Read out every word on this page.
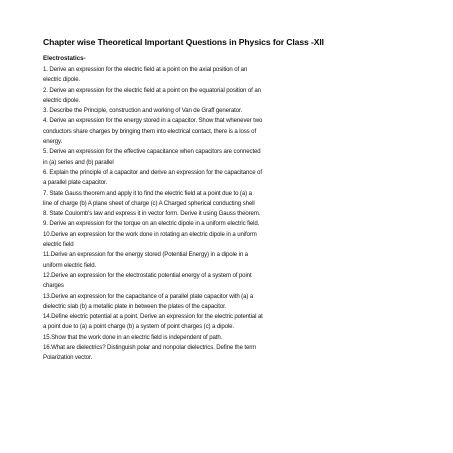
Chapter wise Theoretical Important Questions in Physics for Class -XII
Electrostatics-
1. Derive an expression for the electric field at a point on the axial position of an
electric dipole.
2. Derive an expression for the electric field at a point on the equatorial position of an
electric dipole.
3. Describe the Principle, construction and working of Van de Graff generator.
4. Derive an expression for the energy stored in a capacitor. Show that whenever two
conductors share charges by bringing them into electrical contact, there is a loss of
energy.
5. Derive an expression for the effective capacitance when capacitors are connected
in (a) series and (b) parallel
6. Explain the principle of a capacitor and derive an expression for the capacitance of
a parallel plate capacitor.
7. State Gauss theorem and apply it to find the electric field at a point due to (a) a
line of charge (b) A plane sheet of charge (c) A Charged spherical conducting shell
8. State Coulomb's law and express it in vector form. Derive it using Gauss theorem.
9. Derive an expression for the torque on an electric dipole in a uniform electric field.
10.Derive an expression for the work done in rotating an electric dipole in a uniform
electric field
11.Derive an expression for the energy stored (Potential Energy) in a dipole in a
uniform electric field.
12.Derive an expression for the electrostatic potential energy of a system of point
charges
13.Derive an expression for the capacitance of a parallel plate capacitor with (a) a
dielectric slab (b) a metallic plate in between the plates of the capacitor.
14.Define electric potential at a point. Derive an expression for the electric potential at
a point due to (a) a point charge (b) a system of point charges (c) a dipole.
15.Show that the work done in an electric field is independent of path.
16.What are dielectrics? Distinguish polar and nonpolar dielectrics. Define the term
Polarization vector.
